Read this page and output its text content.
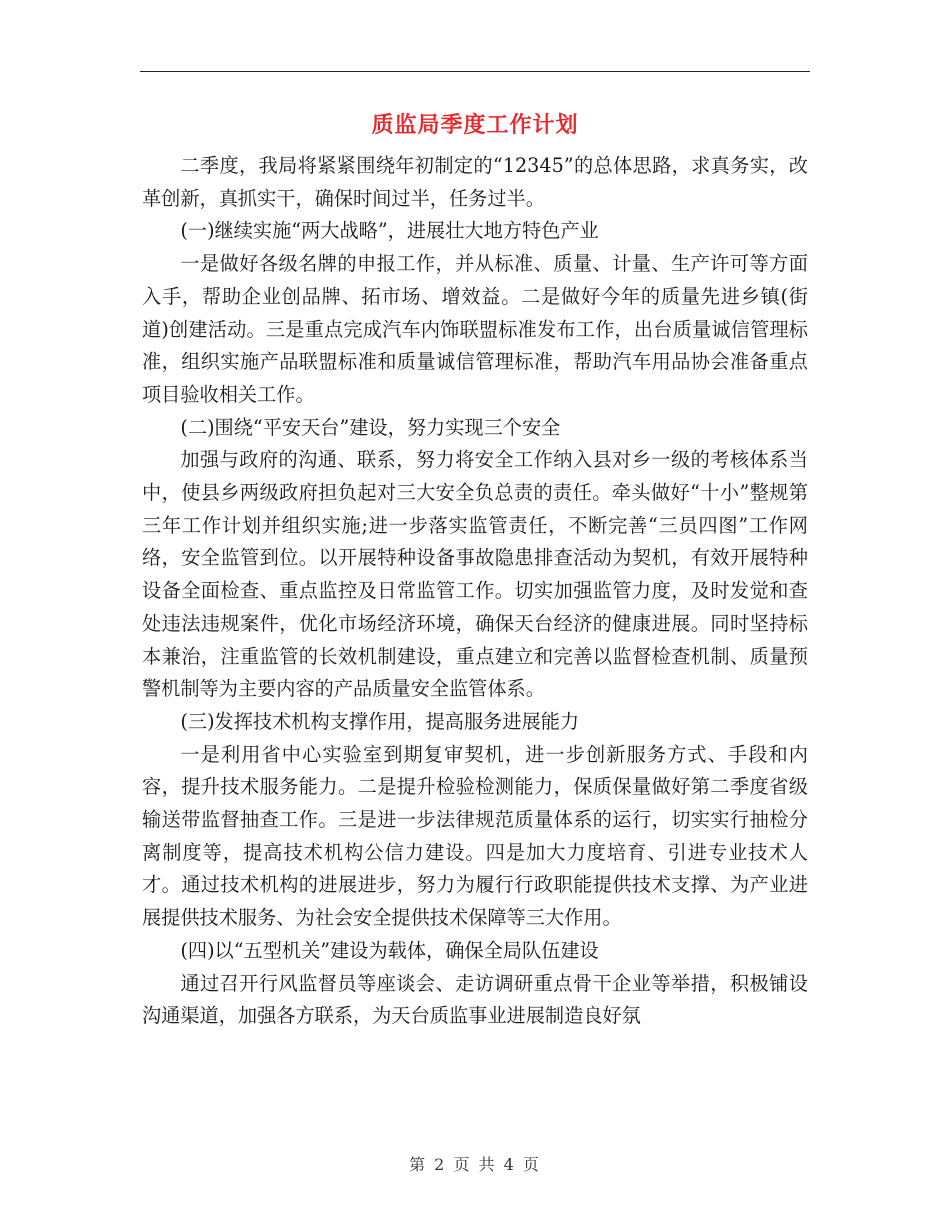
质监局季度工作计划

二季度，我局将紧紧围绕年初制定的“12345”的总体思路，求真务实，改革创新，真抓实干，确保时间过半，任务过半。

(一)继续实施“两大战略”，进展壮大地方特色产业

一是做好各级名牌的申报工作，并从标准、质量、计量、生产许可等方面入手，帮助企业创品牌、拓市场、增效益。二是做好今年的质量先进乡镇(街道)创建活动。三是重点完成汽车内饰联盟标准发布工作，出台质量诚信管理标准，组织实施产品联盟标准和质量诚信管理标准，帮助汽车用品协会准备重点项目验收相关工作。

(二)围绕“平安天台”建设，努力实现三个安全

加强与政府的沟通、联系，努力将安全工作纳入县对乡一级的考核体系当中，使县乡两级政府担负起对三大安全负总责的责任。牵头做好“十小”整规第三年工作计划并组织实施;进一步落实监管责任，不断完善“三员四图”工作网络，安全监管到位。以开展特种设备事故隐患排查活动为契机，有效开展特种设备全面检查、重点监控及日常监管工作。切实加强监管力度，及时发觉和查处违法违规案件，优化市场经济环境，确保天台经济的健康进展。同时坚持标本兼治，注重监管的长效机制建设，重点建立和完善以监督检查机制、质量预警机制等为主要内容的产品质量安全监管体系。

(三)发挥技术机构支撑作用，提高服务进展能力

一是利用省中心实验室到期复审契机，进一步创新服务方式、手段和内容，提升技术服务能力。二是提升检验检测能力，保质保量做好第二季度省级输送带监督抽查工作。三是进一步法律规范质量体系的运行，切实实行抽检分离制度等，提高技术机构公信力建设。四是加大力度培育、引进专业技术人才。通过技术机构的进展进步，努力为履行行政职能提供技术支撑、为产业进展提供技术服务、为社会安全提供技术保障等三大作用。

(四)以“五型机关”建设为载体，确保全局队伍建设

通过召开行风监督员等座谈会、走访调研重点骨干企业等举措，积极铺设沟通渠道，加强各方联系，为天台质监事业进展制造良好氛

第 2 页 共 4 页
